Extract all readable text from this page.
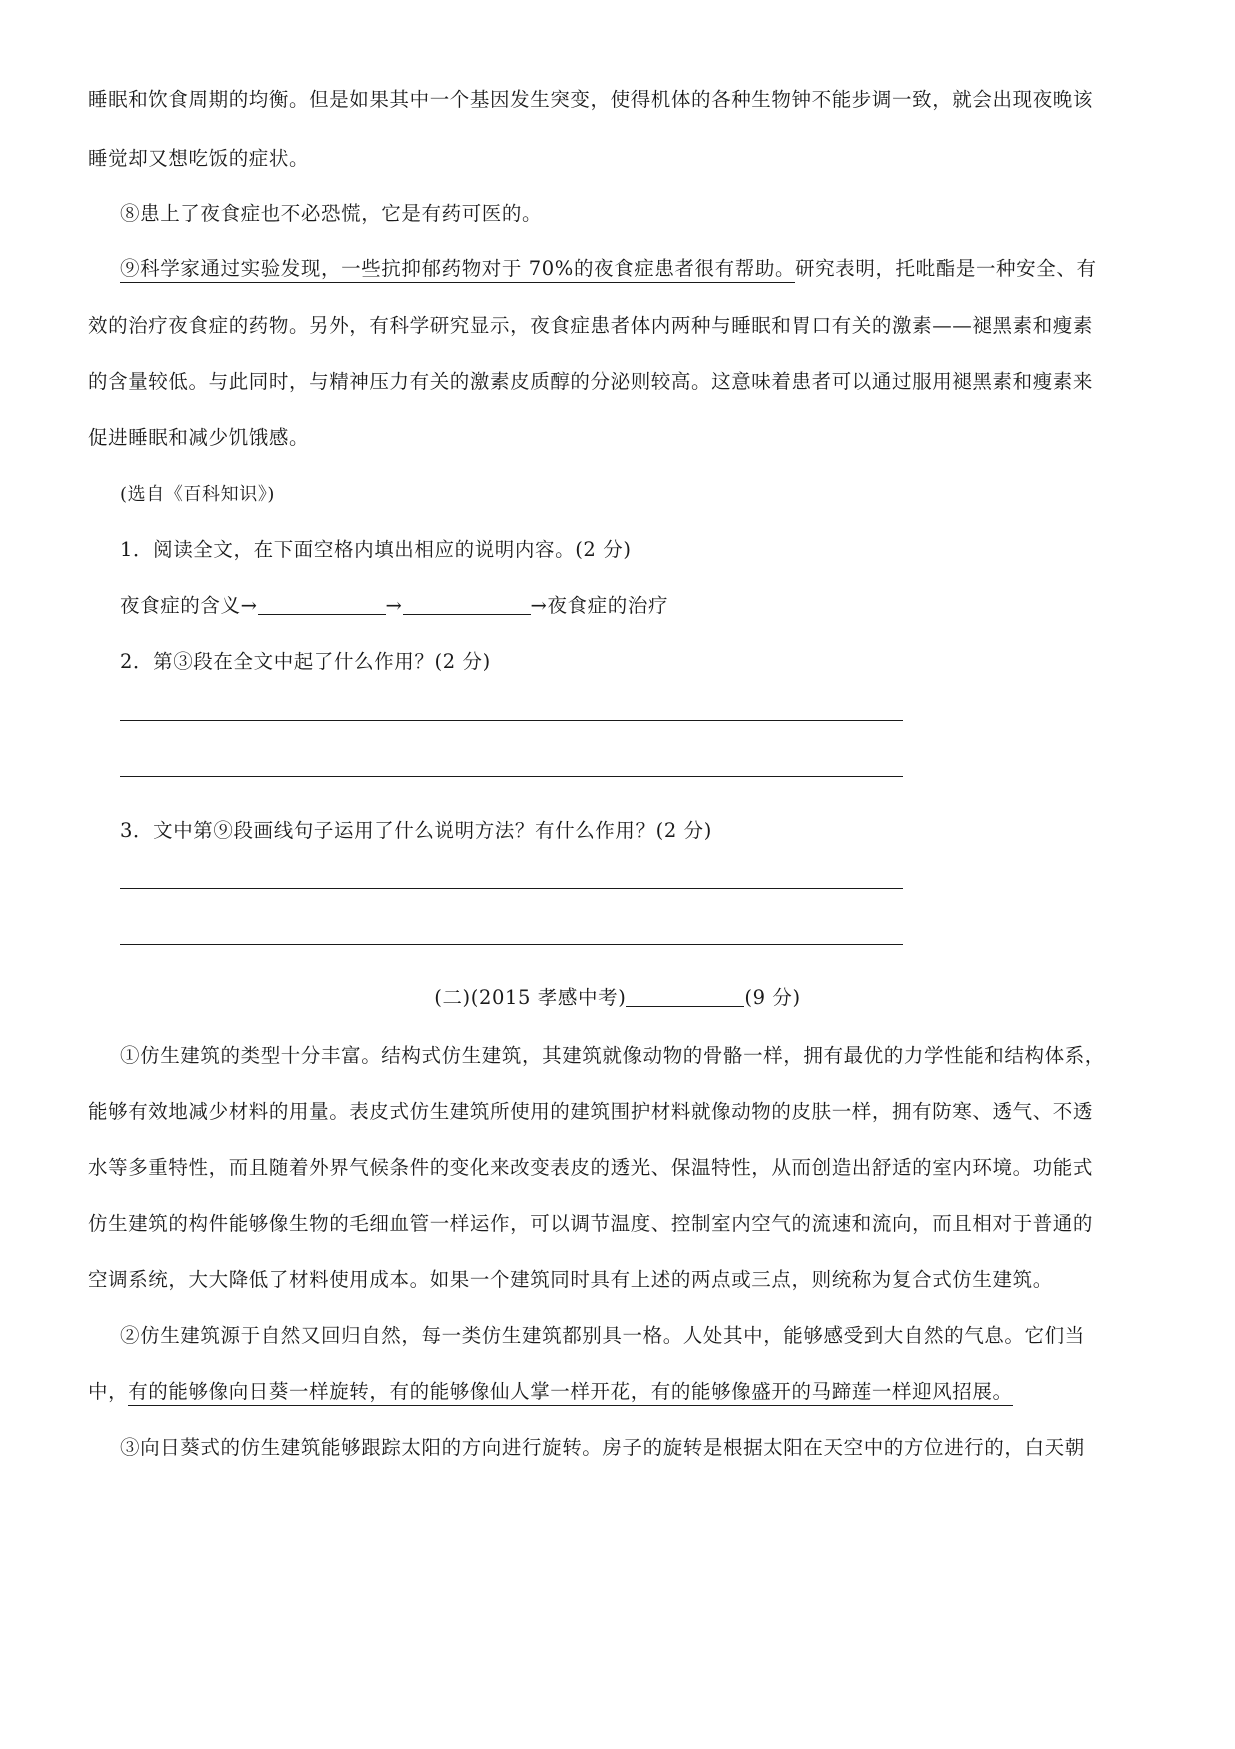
睡眠和饮食周期的均衡。但是如果其中一个基因发生突变，使得机体的各种生物钟不能步调一致，就会出现夜晚该
睡觉却又想吃饭的症状。
⑧患上了夜食症也不必恐慌，它是有药可医的。
⑨科学家通过实验发现，一些抗抑郁药物对于 70%的夜食症患者很有帮助。研究表明，托吡酯是一种安全、有
效的治疗夜食症的药物。另外，有科学研究显示，夜食症患者体内两种与睡眠和胃口有关的激素——褪黑素和瘦素
的含量较低。与此同时，与精神压力有关的激素皮质醇的分泌则较高。这意味着患者可以通过服用褪黑素和瘦素来
促进睡眠和减少饥饿感。
(选自《百科知识》)
1．阅读全文，在下面空格内填出相应的说明内容。(2 分)
夜食症的含义→	→	→夜食症的治疗
2．第③段在全文中起了什么作用？(2 分)
3．文中第⑨段画线句子运用了什么说明方法？有什么作用？(2 分)
(二)(2015 孝感中考)	(9 分)
①仿生建筑的类型十分丰富。结构式仿生建筑，其建筑就像动物的骨骼一样，拥有最优的力学性能和结构体系，
能够有效地减少材料的用量。表皮式仿生建筑所使用的建筑围护材料就像动物的皮肤一样，拥有防寒、透气、不透
水等多重特性，而且随着外界气候条件的变化来改变表皮的透光、保温特性，从而创造出舒适的室内环境。功能式
仿生建筑的构件能够像生物的毛细血管一样运作，可以调节温度、控制室内空气的流速和流向，而且相对于普通的
空调系统，大大降低了材料使用成本。如果一个建筑同时具有上述的两点或三点，则统称为复合式仿生建筑。
②仿生建筑源于自然又回归自然，每一类仿生建筑都别具一格。人处其中，能够感受到大自然的气息。它们当
中，有的能够像向日葵一样旋转，有的能够像仙人掌一样开花，有的能够像盛开的马蹄莲一样迎风招展。
③向日葵式的仿生建筑能够跟踪太阳的方向进行旋转。房子的旋转是根据太阳在天空中的方位进行的，白天朝
